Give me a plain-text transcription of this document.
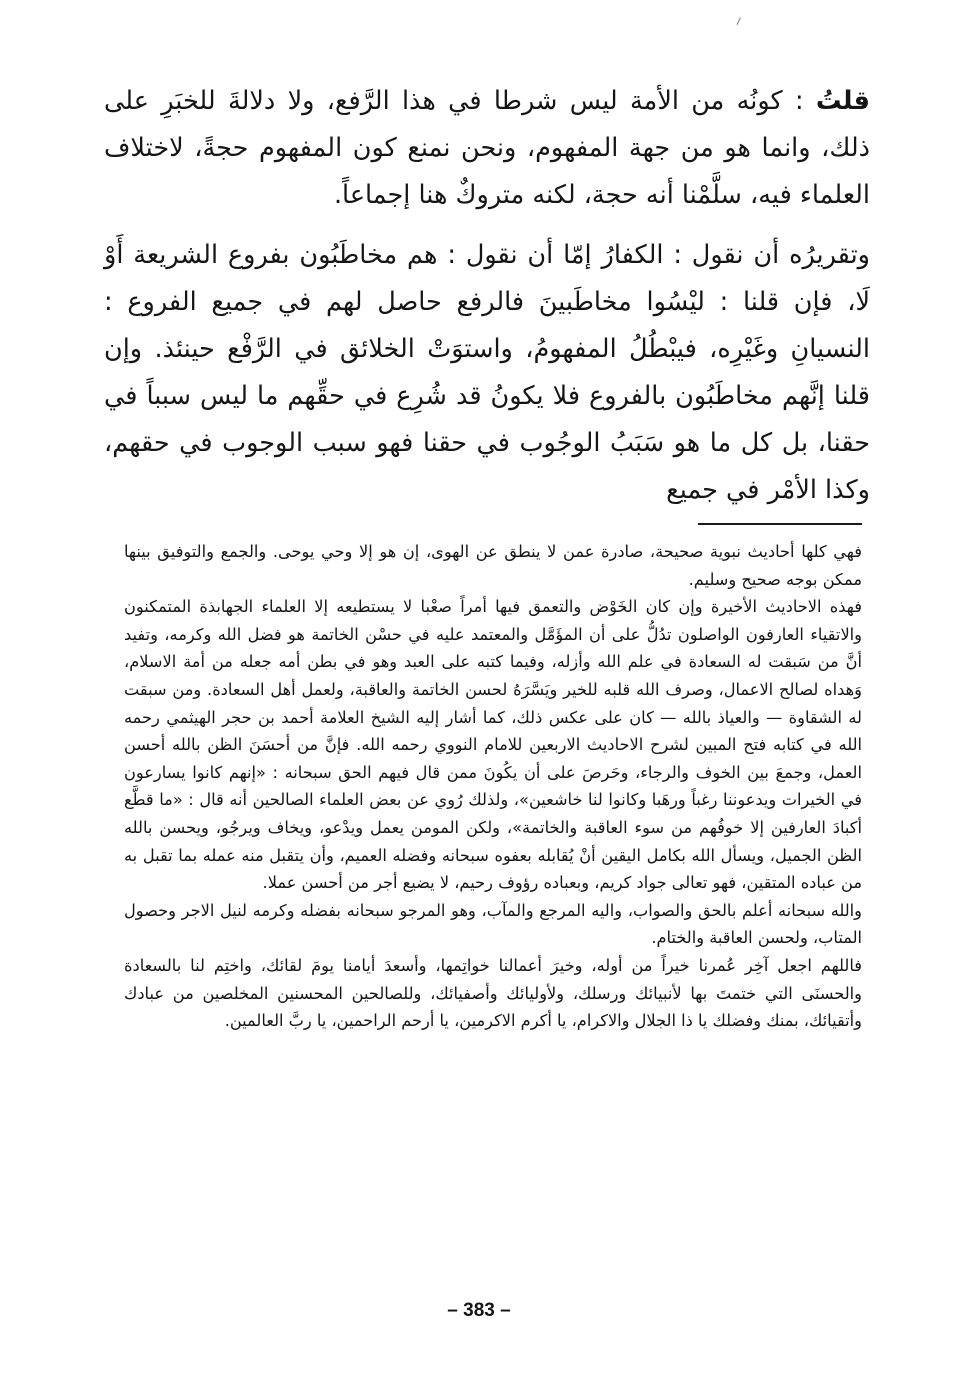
قلتُ : كونُه من الأمة ليس شرطا في هذا الرَّفع، ولا دلالةَ للخبَرِ على ذلك، وانما هو من جهة المفهوم، ونحن نمنع كون المفهوم حجةً، لاختلاف العلماء فيه، سلَّمْنا أنه حجة، لكنه متروكٌ هنا إجماعاً.

وتقريرُه أن نقول : الكفارُ إمّا أن نقول : هم مخاطَبُون بفروع الشريعة أَوْ لَا، فإن قلنا : ليْسُوا مخاطَبينَ فالرفع حاصل لهم في جميع الفروع : النسيانِ وغَيْرِه، فيبْطُلُ المفهومُ، واستوَتْ الخلائق في الرَّفْع حينئذ. وإن قلنا إنَّهم مخاطَبُون بالفروع فلا يكونُ قد شُرِع في حقِّهم ما ليس سبباً في حقنا، بل كل ما هو سَبَبُ الوجُوب في حقنا فهو سبب الوجوب في حقهم، وكذا الأمْر في جميع

فهي كلها أحاديث نبوية صحيحة، صادرة عمن لا ينطق عن الهوى، إن هو إلا وحي يوحى. والجمع والتوفيق بينها ممكن بوجه صحيح وسليم.

فهذه الاحاديث الأخيرة وإن كان الخَوْض والتعمق فيها أمراً صعْبا لا يستطيعه إلا العلماء الجهابذة المتمكنون والاتقياء العارفون الواصلون تدُلُّ على أن المؤَمَّل والمعتمد عليه في حسْن الخاتمة هو فضل الله وكرمه، وتفيد أنَّ من سَبقت له السعادة في علم الله وأزله، وفيما كتبه على العبد وهو في بطن أمه جعله من أمة الاسلام، وَهداه لصالح الاعمال، وصرف الله قلبه للخير ويَسَّرَهُ لحسن الخاتمة والعاقبة، ولعمل أهل السعادة. ومن سبقت له الشقاوة — والعياذ بالله — كان على عكس ذلك، كما أشار إليه الشيخ العلامة أحمد بن حجر الهيثمي رحمه الله في كتابه فتح المبين لشرح الاحاديث الاربعين للامام النووي رحمه الله. فإنَّ من أحسَنَ الظن بالله أحسن العمل، وجمعَ بين الخوف والرجاء، وحَرصَ على أن يكُونَ ممن قال فيهم الحق سبحانه : «إنهم كانوا يسارعون في الخيرات ويدعوننا رغباً ورهَبا وكانوا لنا خاشعين»، ولذلك رُوي عن بعض العلماء الصالحين أنه قال : «ما قطَّع أكبادَ العارفين إلا خوفُهم من سوء العاقبة والخاتمة»، ولكن المومن يعمل ويدْعو، ويخاف ويرجُو، ويحسن بالله الظن الجميل، ويسأل الله بكامل اليقين أنْ يُقابله بعفوه سبحانه وفضله العميم، وأن يتقبل منه عمله بما تقبل به من عباده المتقين، فهو تعالى جواد كريم، وبعباده رؤوف رحيم، لا يضيع أجر من أحسن عملا.

والله سبحانه أعلم بالحق والصواب، واليه المرجع والمآب، وهو المرجو سبحانه بفضله وكرمه لنيل الاجر وحصول المتاب، ولحسن العاقبة والختام.

فاللهم اجعل آخِر عُمرنا خيراً من أوله، وخيرَ أعمالنا خواتِمها، وأسعدَ أيامنا يومَ لقائك، واختِم لنا بالسعادة والحسنَى التي ختمتَ بها لأنبيائك ورسلك، ولأوليائك وأصفيائك، وللصالحين المحسنين المخلصين من عبادك وأتقيائك، بمنك وفضلك يا ذا الجلال والاكرام، يا أكرم الاكرمين، يا أرحم الراحمين، يا ربَّ العالمين.

– 383 –
